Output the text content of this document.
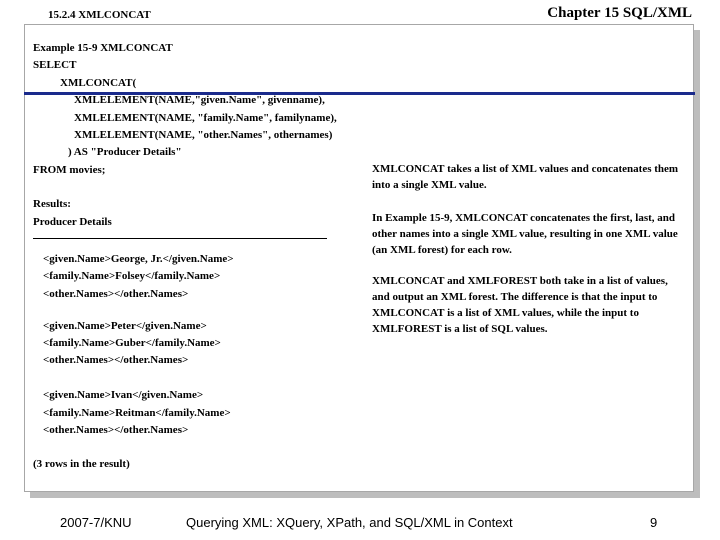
15.2.4 XMLCONCAT	Chapter 15 SQL/XML
Example 15-9 XMLCONCAT
SELECT
XMLCONCAT(
XMLELEMENT(NAME,"given.Name", givenname),
XMLELEMENT(NAME, "family.Name", familyname),
XMLELEMENT(NAME, "other.Names", othernames)
) AS "Producer Details"
FROM movies;
Results:
Producer Details
<given.Name>George, Jr.</given.Name>
<family.Name>Folsey</family.Name>
<other.Names></other.Names>
<given.Name>Peter</given.Name>
<family.Name>Guber</family.Name>
<other.Names></other.Names>
<given.Name>Ivan</given.Name>
<family.Name>Reitman</family.Name>
<other.Names></other.Names>
(3 rows in the result)
XMLCONCAT takes a list of XML values and concatenates them into a single XML value.
In Example 15-9, XMLCONCAT concatenates the first, last, and other names into a single XML value, resulting in one XML value (an XML forest) for each row.
XMLCONCAT and XMLFOREST both take in a list of values, and output an XML forest. The difference is that the input to XMLCONCAT is a list of XML values, while the input to XMLFOREST is a list of SQL values.
2007-7/KNU	Querying XML: XQuery, XPath, and SQL/XML in Context	9
